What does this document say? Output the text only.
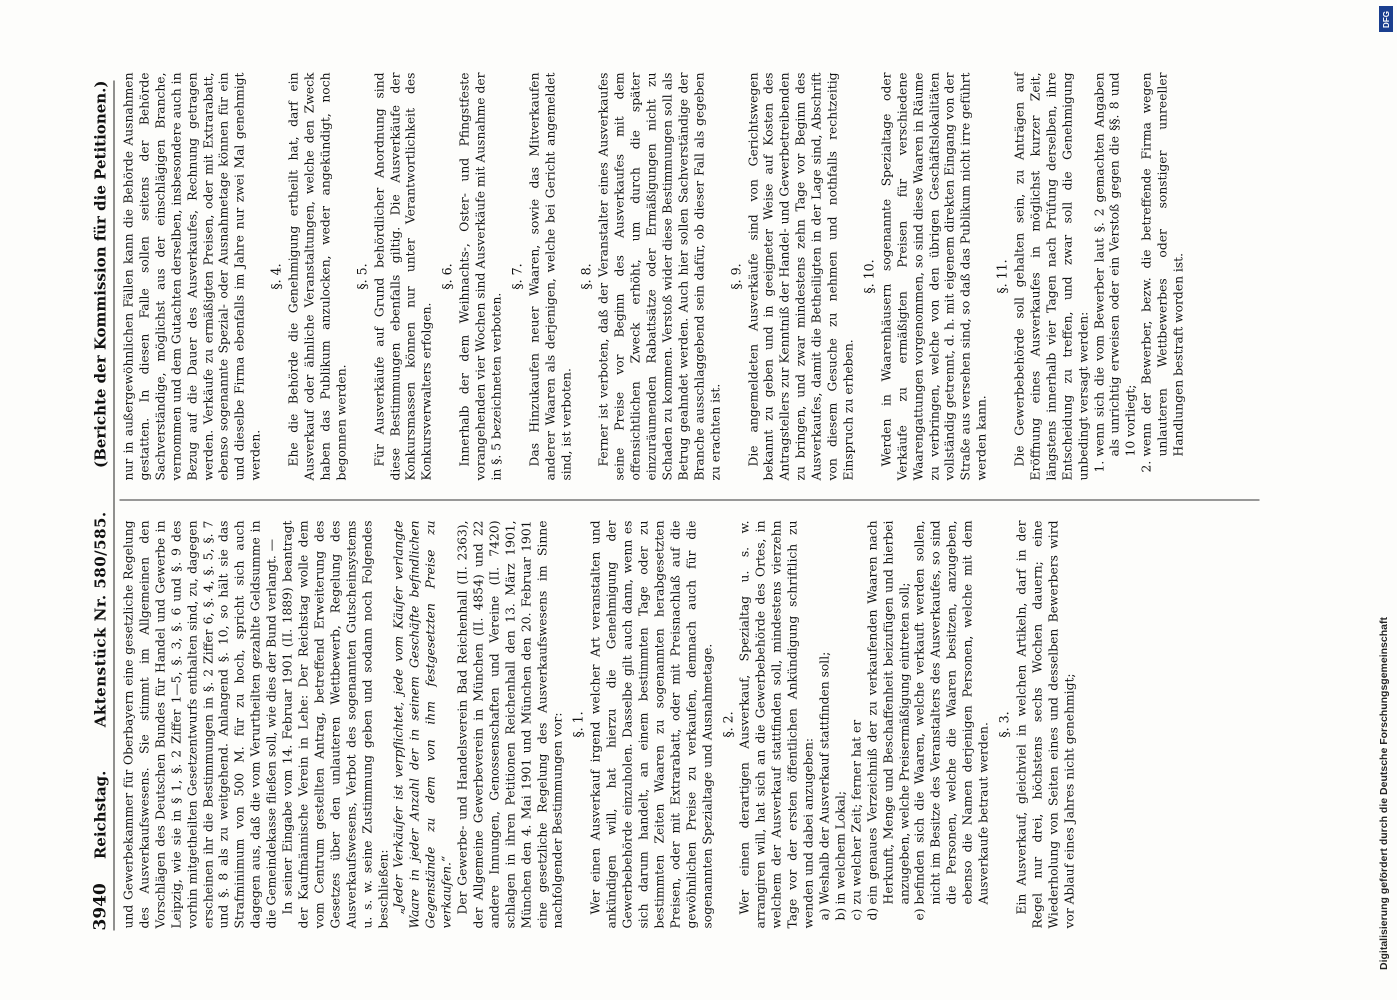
3940
Reichstag.
Aktenstück Nr. 580/585.
(Berichte der Kommission für die Petitionen.)

und Gewerbekammer für Oberbayern eine gesetzliche Regelung des Ausverkaufswesens. Sie stimmt im Allgemeinen den Vorschlägen des Deutschen Bundes für Handel und Gewerbe in Leipzig, wie sie in § 1, §. 2 Ziffer 1—5, §. 3, §. 6 und §. 9 des vorhin mitgetheilten Gesetzentwurfs enthalten sind, zu, dagegen erscheinen ihr die Bestimmungen in §. 2 Ziffer 6, §. 4, §. 5, §. 7 und §. 8 als zu weitgehend. Anlangend §. 10, so hält sie das Strafminimum von 500 M. für zu hoch, spricht sich auch dagegen aus, daß die vom Verurtheilten gezahlte Geldsumme in die Gemeindekasse fließen soll, wie dies der Bund verlangt. — In seiner Eingabe vom 14. Februar 1901 (II. 1889) beantragt der Kaufmännische Verein in Lehe: Der Reichstag wolle dem vom Centrum gestellten Antrag, betreffend Erweiterung des Gesetzes über den unlauteren Wettbewerb, Regelung des Ausverkaufswesens, Verbot des sogenannten Gutscheinsystems u. s. w. seine Zustimmung geben und sodann noch Folgendes beschließen: „Jeder Verkäufer ist verpflichtet, jede vom Käufer verlangte Waare in jeder Anzahl der in seinem Geschäfte befindlichen Gegenstände zu dem von ihm festgesetzten Preise zu verkaufen.“ Der Gewerbe- und Handelsverein Bad Reichenhall (II. 2363), der Allgemeine Gewerbeverein in München (II. 4854) und 22 andere Innungen, Genossenschaften und Vereine (II. 7420) schlagen in ihren Petitionen Reichenhall den 13. März 1901, München den 4. Mai 1901 und München den 20. Februar 1901 eine gesetzliche Regelung des Ausverkaufswesens im Sinne nachfolgender Bestimmungen vor: §. 1. Wer einen Ausverkauf irgend welcher Art veranstalten und ankündigen will, hat hierzu die Genehmigung der Gewerbebehörde einzuholen. Dasselbe gilt auch dann, wenn es sich darum handelt, an einem bestimmten Tage oder zu bestimmten Zeiten Waaren zu sogenannten herabgesetzten Preisen, oder mit Extrarabatt, oder mit Preisnachlaß auf die gewöhnlichen Preise zu verkaufen, demnach auch für die sogenannten Spezialtage und Ausnahmetage. §. 2. Wer einen derartigen Ausverkauf, Spezialtag u. s. w. arrangiren will, hat sich an die Gewerbebehörde des Ortes, in welchem der Ausverkauf stattfinden soll, mindestens vierzehn Tage vor der ersten öffentlichen Ankündigung schriftlich zu wenden und dabei anzugeben: a)Weshalb der Ausverkauf stattfinden soll;
b)in welchem Lokal;
c)zu welcher Zeit; ferner hat er
d)ein genaues Verzeichniß der zu verkaufenden Waaren nach Herkunft, Menge und Beschaffenheit beizufügen und hierbei anzugeben, welche Preisermäßigung eintreten soll;
e)befinden sich die Waaren, welche verkauft werden sollen, nicht im Besitze des Veranstalters des Ausverkaufes, so sind die Personen, welche die Waaren besitzen, anzugeben, ebenso die Namen derjenigen Personen, welche mit dem Ausverkaufe betraut werden. §. 3. Ein Ausverkauf, gleichviel in welchen Artikeln, darf in der Regel nur drei, höchstens sechs Wochen dauern; eine Wiederholung von Seiten eines und desselben Bewerbers wird vor Ablauf eines Jahres nicht genehmigt;

nur in außergewöhnlichen Fällen kann die Behörde Ausnahmen gestatten. In diesen Falle sollen seitens der Behörde Sachverständige, möglichst aus der einschlägigen Branche, vernommen und dem Gutachten derselben, insbesondere auch in Bezug auf die Dauer des Ausverkaufes, Rechnung getragen werden. Verkäufe zu ermäßigten Preisen, oder mit Extrarabatt, ebenso sogenannte Spezial- oder Ausnahmetage können für ein und dieselbe Firma ebenfalls im Jahre nur zwei Mal genehmigt werden.

§. 4. Ehe die Behörde die Genehmigung ertheilt hat, darf ein Ausverkauf oder ähnliche Veranstaltungen, welche den Zweck haben das Publikum anzulocken, weder angekündigt, noch begonnen werden.

§. 5. Für Ausverkäufe auf Grund behördlicher Anordnung sind diese Bestimmungen ebenfalls giltig. Die Ausverkäufe der Konkursmassen können nur unter Verantwortlichkeit des Konkursverwalters erfolgen.

§. 6. Innerhalb der dem Weihnachts-, Oster- und Pfingstfeste vorangehenden vier Wochen sind Ausverkäufe mit Ausnahme der in §. 5 bezeichneten verboten.

§. 7. Das Hinzukaufen neuer Waaren, sowie das Mitverkaufen anderer Waaren als derjenigen, welche bei Gericht angemeldet sind, ist verboten.

§. 8. Ferner ist verboten, daß der Veranstalter eines Ausverkaufes seine Preise vor Beginn des Ausverkaufes mit dem offensichtlichen Zweck erhöht, um durch die später einzuräumenden Rabattsätze oder Ermäßigungen nicht zu Schaden zu kommen. Verstoß wider diese Bestimmungen soll als Betrug geahndet werden. Auch hier sollen Sachverständige der Branche ausschlaggebend sein dafür, ob dieser Fall als gegeben zu erachten ist.

§. 9. Die angemeldeten Ausverkäufe sind von Gerichtswegen bekannt zu geben und in geeigneter Weise auf Kosten des Antragstellers zur Kenntniß der Handel- und Gewerbetreibenden zu bringen, und zwar mindestens zehn Tage vor Beginn des Ausverkaufes, damit die Betheiligten in der Lage sind, Abschrift von diesem Gesuche zu nehmen und nothfalls rechtzeitig Einspruch zu erheben.

§. 10. Werden in Waarenhäusern sogenannte Spezialtage oder Verkäufe zu ermäßigten Preisen für verschiedene Waarengattungen vorgenommen, so sind diese Waaren in Räume zu verbringen, welche von den übrigen Geschäftslokalitäten vollständig getrennt, d. h. mit eigenem direkten Eingang von der Straße aus versehen sind, so daß das Publikum nicht irre geführt werden kann.

§. 11. Die Gewerbebehörde soll gehalten sein, zu Anträgen auf Eröffnung eines Ausverkaufes in möglichst kurzer Zeit, längstens innerhalb vier Tagen nach Prüfung derselben, ihre Entscheidung zu treffen, und zwar soll die Genehmigung unbedingt versagt werden: 1.wenn sich die vom Bewerber laut §. 2 gemachten Angaben als unrichtig erweisen oder ein Verstoß gegen die §§. 8 und 10 vorliegt;
2.wenn der Bewerber, bezw. die betreffende Firma wegen unlauteren Wettbewerbes oder sonstiger unreeller Handlungen bestraft worden ist.
DFG
Digitalisierung gefördert durch die Deutsche Forschungsgemeinschaft
